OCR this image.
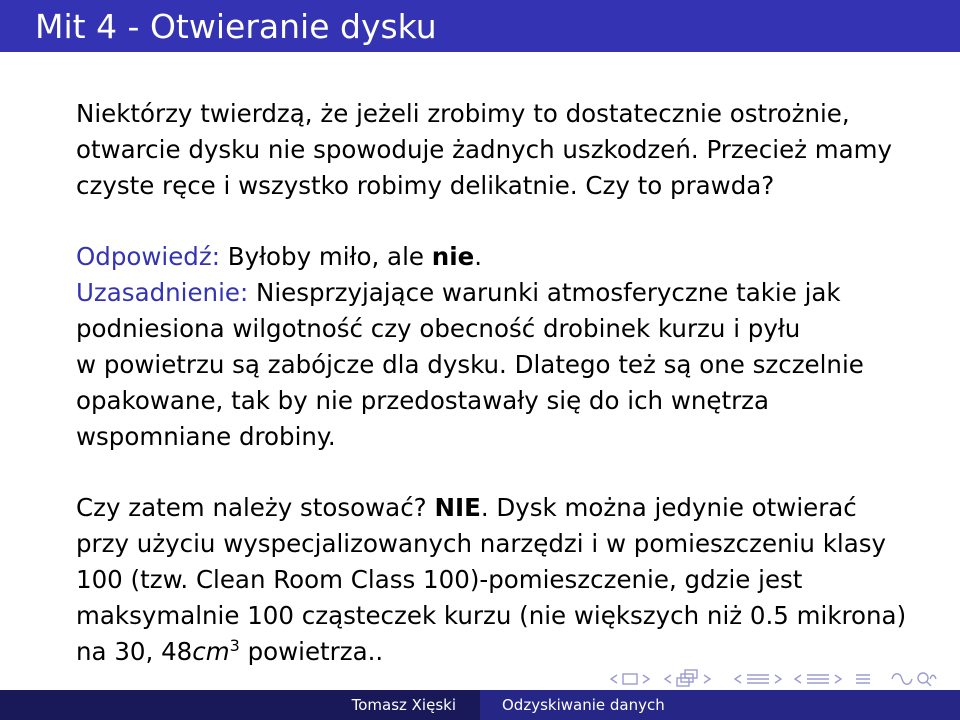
Mit 4 - Otwieranie dysku

Niektórzy twierdzą, że jeżeli zrobimy to dostatecznie ostrożnie,
otwarcie dysku nie spowoduje żadnych uszkodzeń. Przecież mamy
czyste ręce i wszystko robimy delikatnie. Czy to prawda?

Odpowiedź: Byłoby miło, ale nie.
Uzasadnienie: Niesprzyjające warunki atmosferyczne takie jak
podniesiona wilgotność czy obecność drobinek kurzu i pyłu
w powietrzu są zabójcze dla dysku. Dlatego też są one szczelnie
opakowane, tak by nie przedostawały się do ich wnętrza
wspomniane drobiny.

Czy zatem należy stosować? NIE. Dysk można jedynie otwierać
przy użyciu wyspecjalizowanych narzędzi i w pomieszczeniu klasy
100 (tzw. Clean Room Class 100)-pomieszczenie, gdzie jest
maksymalnie 100 cząsteczek kurzu (nie większych niż 0.5 mikrona)
na 30, $48cm^3$ powietrza..

Tomasz Xięski	Odzyskiwanie danych
